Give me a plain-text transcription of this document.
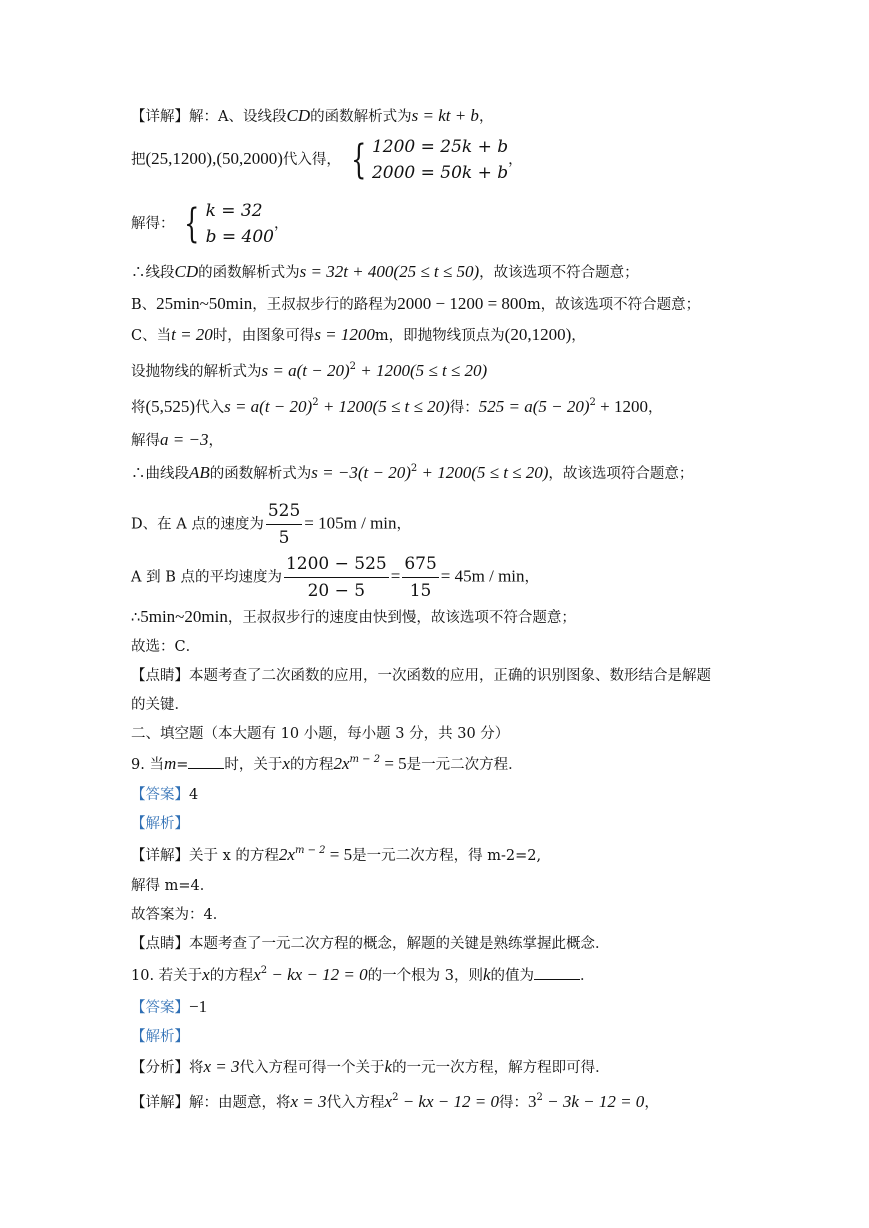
【详解】解：A、设线段CD的函数解析式为s = kt + b，
把(25,1200),(50,2000)代入得， { 1200 = 25k + b
2000 = 50k + b
，
解得： { k = 32
b = 400
，
∴线段CD的函数解析式为s = 32t + 400(25 ≤ t ≤ 50)，故该选项不符合题意；
B、25min~50min，王叔叔步行的路程为2000 − 1200 = 800m，故该选项不符合题意；
C、当t = 20时，由图象可得s = 1200m，即抛物线顶点为(20,1200)，
设抛物线的解析式为$s = a(t - 20)^2 + 1200(5 \le t \le 20)$
将(5,525)代入$s = a(t - 20)^2 + 1200(5 \le t \le 20)$得：$525 = a(5 - 20)^2 + 1200$，
解得a = −3，
∴曲线段AB的函数解析式为$s = -3(t - 20)^2 + 1200(5 \le t \le 20)$，故该选项符合题意；
D、在 A 点的速度为 $\frac{525}{5} = 105m / \min$，
A 到 B 点的平均速度为 $\frac{1200 - 525}{20 - 5} = \frac{675}{15} = 45m / \min$，
∴5min~20min，王叔叔步行的速度由快到慢，故该选项不符合题意；
故选：C．
【点睛】本题考查了二次函数的应用，一次函数的应用，正确的识别图象、数形结合是解题
的关键．
二、填空题（本大题有 10 小题，每小题 3 分，共 30 分）
9. 当m= 时，关于x的方程$2x^{m - 2} = 5$是一元二次方程．
【答案】4
【解析】
【详解】关于 x 的方程$2x^{m - 2} = 5$是一元二次方程，得 m-2=2,
解得 m=4．
故答案为：4．
【点睛】本题考查了一元二次方程的概念，解题的关键是熟练掌握此概念．
10. 若关于x的方程$x^2$ − kx − 12 = 0的一个根为 3，则k的值为	．
【答案】−1
【解析】
【分析】将x = 3代入方程可得一个关于k的一元一次方程，解方程即可得．
【详解】解：由题意，将x = 3代入方程$x^2$ − kx − 12 = 0得：$3^2 - 3k - 12 = 0$，
